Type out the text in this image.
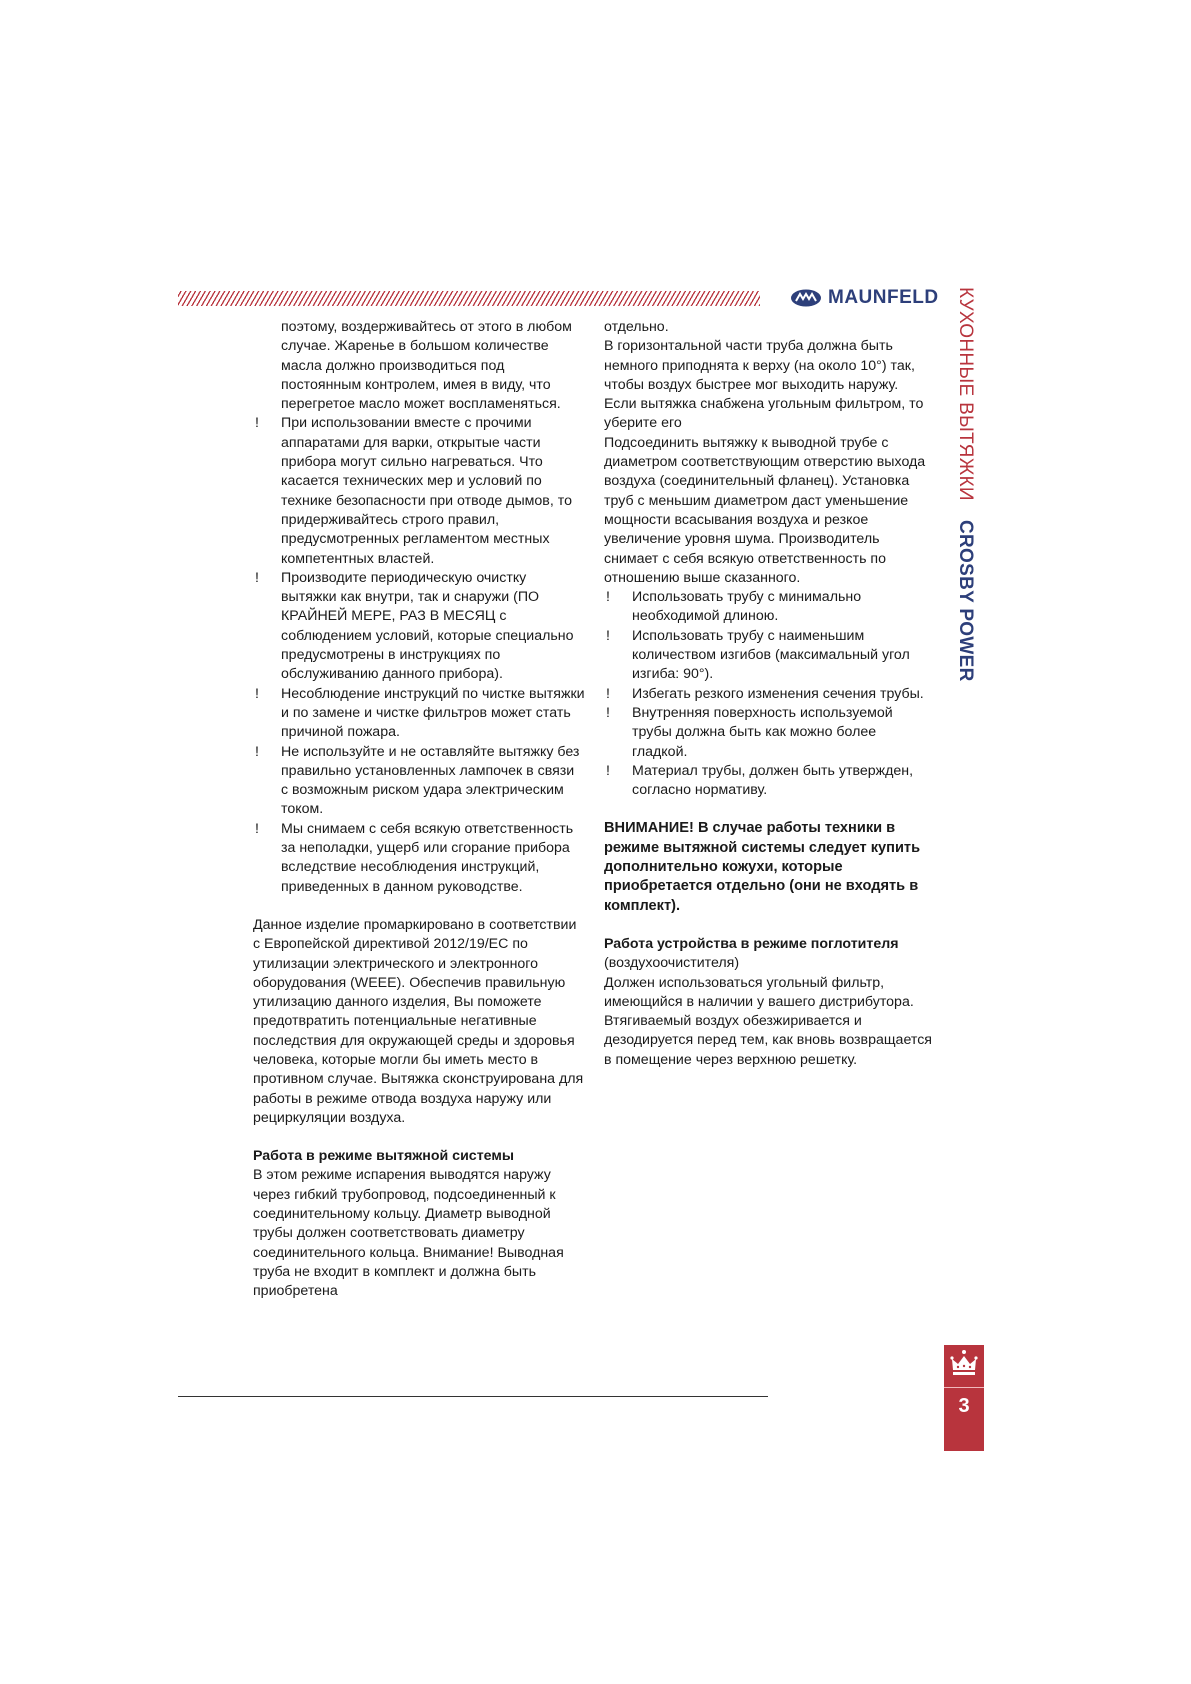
MAUNFELD КУХОННЫЕ ВЫТЯЖКИ CROSBY POWER

поэтому, воздерживайтесь от этого в любом случае. Жаренье в большом количестве масла должно производиться под постоянным контролем, имея в виду, что перегретое масло может воспламеняться.

! При использовании вместе с прочими аппаратами для варки, открытые части прибора могут сильно нагреваться. Что касается технических мер и условий по технике безопасности при отводе дымов, то придерживайтесь строго правил, предусмотренных регламентом местных компетентных властей.

! Производите периодическую очистку вытяжки как внутри, так и снаружи (ПО КРАЙНЕЙ МЕРЕ, РАЗ В МЕСЯЦ с соблюдением условий, которые специально предусмотрены в инструкциях по обслуживанию данного прибора).

! Несоблюдение инструкций по чистке вытяжки и по замене и чистке фильтров может стать причиной пожара.

! Не используйте и не оставляйте вытяжку без правильно установленных лампочек в связи с возможным риском удара электрическим током.

! Мы снимаем с себя всякую ответственность за неполадки, ущерб или сгорание прибора вследствие несоблюдения инструкций, приведенных в данном руководстве.

Данное изделие промаркировано в соответствии с Европейской директивой 2012/19/ЕС по утилизации электрического и электронного оборудования (WEEE). Обеспечив правильную утилизацию данного изделия, Вы поможете предотвратить потенциальные негативные последствия для окружающей среды и здоровья человека, которые могли бы иметь место в противном случае. Вытяжка сконструирована для работы в режиме отвода воздуха наружу или рециркуляции воздуха.

Работа в режиме вытяжной системы

В этом режиме испарения выводятся наружу через гибкий трубопровод, подсоединенный к соединительному кольцу. Диаметр выводной трубы должен соответствовать диаметру соединительного кольца. Внимание! Выводная труба не входит в комплект и должна быть приобретена

отдельно.

В горизонтальной части труба должна быть немного приподнята к верху (на около 10°) так, чтобы воздух быстрее мог выходить наружу. Если вытяжка снабжена угольным фильтром, то уберите его

Подсоединить вытяжку к выводной трубе с диаметром соответствующим отверстию выхода воздуха (соединительный фланец). Установка труб с меньшим диаметром даст уменьшение мощности всасывания воздуха и резкое увеличение уровня шума. Производитель снимает с себя всякую ответственность по отношению выше сказанного.

! Использовать трубу с минимально необходимой длиною.

! Использовать трубу с наименьшим количеством изгибов (максимальный угол изгиба: 90°).

! Избегать резкого изменения сечения трубы.

! Внутренняя поверхность используемой трубы должна быть как можно более гладкой.

! Материал трубы, должен быть утвержден, согласно нормативу.

ВНИМАНИЕ! В случае работы техники в режиме вытяжной системы следует купить дополнительно кожухи, которые приобретается отдельно (они не входять в комплект).

Работа устройства в режиме поглотителя (воздухоочистителя)

Должен использоваться угольный фильтр, имеющийся в наличии у вашего дистрибутора. Втягиваемый воздух обезжиривается и дезодируется перед тем, как вновь возвращается в помещение через верхнюю решетку.

3
